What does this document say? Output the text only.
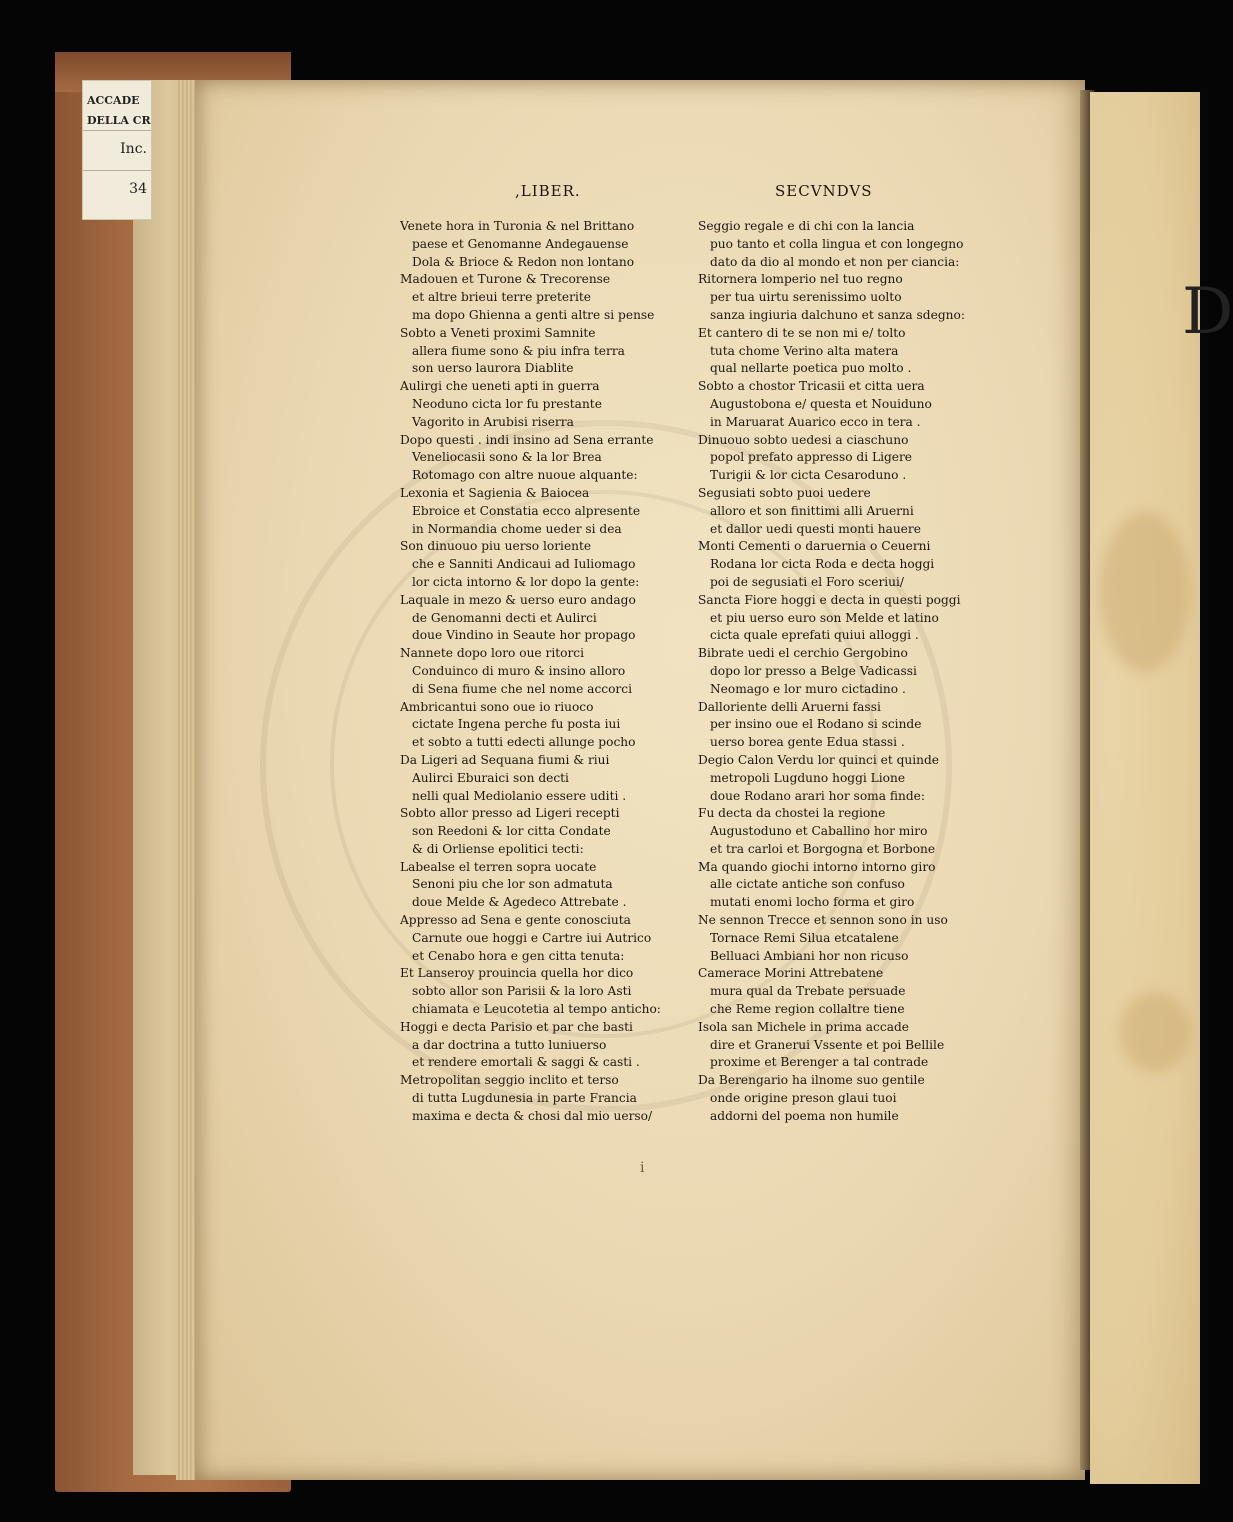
ACCADE
DELLA CR
Inc.
34
D
,LIBER.	SECVNDVS
Venete hora in Turonia & nel Brittano
paese et Genomanne Andegauense
Dola & Brioce & Redon non lontano
Madouen et Turone & Trecorense
et altre brieui terre preterite
ma dopo Ghienna a genti altre si pense
Sobto a Veneti proximi Samnite
allera fiume sono & piu infra terra
son uerso laurora Diablite
Aulirgi che ueneti apti in guerra
Neoduno cicta lor fu prestante
Vagorito in Arubisi riserra
Dopo questi . indi insino ad Sena errante
Veneliocasii sono & la lor Brea
Rotomago con altre nuoue alquante:
Lexonia et Sagienia & Baiocea
Ebroice et Constatia ecco alpresente
in Normandia chome ueder si dea
Son dinuouo piu uerso loriente
che e Sanniti Andicaui ad Iuliomago
lor cicta intorno & lor dopo la gente:
Laquale in mezo & uerso euro andago
de Genomanni decti et Aulirci
doue Vindino in Seaute hor propago
Nannete dopo loro oue ritorci
Conduinco di muro & insino alloro
di Sena fiume che nel nome accorci
Ambricantui sono oue io riuoco
cictate Ingena perche fu posta iui
et sobto a tutti edecti allunge pocho
Da Ligeri ad Sequana fiumi & riui
Aulirci Eburaici son decti
nelli qual Mediolanio essere uditi .
Sobto allor presso ad Ligeri recepti
son Reedoni & lor citta Condate
& di Orliense epolitici tecti:
Labealse el terren sopra uocate
Senoni piu che lor son admatuta
doue Melde & Agedeco Attrebate .
Appresso ad Sena e gente conosciuta
Carnute oue hoggi e Cartre iui Autrico
et Cenabo hora e gen citta tenuta:
Et Lanseroy prouincia quella hor dico
sobto allor son Parisii & la loro Asti
chiamata e Leucotetia al tempo anticho:
Hoggi e decta Parisio et par che basti
a dar doctrina a tutto luniuerso
et rendere emortali & saggi & casti .
Metropolitan seggio inclito et terso
di tutta Lugdunesia in parte Francia
maxima e decta & chosi dal mio uerso/
Seggio regale e di chi con la lancia
puo tanto et colla lingua et con longegno
dato da dio al mondo et non per ciancia:
Ritornera lomperio nel tuo regno
per tua uirtu serenissimo uolto
sanza ingiuria dalchuno et sanza sdegno:
Et cantero di te se non mi e/ tolto
tuta chome Verino alta matera
qual nellarte poetica puo molto .
Sobto a chostor Tricasii et citta uera
Augustobona e/ questa et Nouiduno
in Maruarat Auarico ecco in tera .
Dinuouo sobto uedesi a ciaschuno
popol prefato appresso di Ligere
Turigii & lor cicta Cesaroduno .
Segusiati sobto puoi uedere
alloro et son finittimi alli Aruerni
et dallor uedi questi monti hauere
Monti Cementi o daruernia o Ceuerni
Rodana lor cicta Roda e decta hoggi
poi de segusiati el Foro sceriui/
Sancta Fiore hoggi e decta in questi poggi
et piu uerso euro son Melde et latino
cicta quale eprefati quiui alloggi .
Bibrate uedi el cerchio Gergobino
dopo lor presso a Belge Vadicassi
Neomago e lor muro cictadino .
Dalloriente delli Aruerni fassi
per insino oue el Rodano si scinde
uerso borea gente Edua stassi .
Degio Calon Verdu lor quinci et quinde
metropoli Lugduno hoggi Lione
doue Rodano arari hor soma finde:
Fu decta da chostei la regione
Augustoduno et Caballino hor miro
et tra carloi et Borgogna et Borbone
Ma quando giochi intorno intorno giro
alle cictate antiche son confuso
mutati enomi locho forma et giro
Ne sennon Trecce et sennon sono in uso
Tornace Remi Silua etcatalene
Belluaci Ambiani hor non ricuso
Camerace Morini Attrebatene
mura qual da Trebate persuade
che Reme region collaltre tiene
Isola san Michele in prima accade
dire et Granerui Vssente et poi Bellile
proxime et Berenger a tal contrade
Da Berengario ha ilnome suo gentile
onde origine preson glaui tuoi
addorni del poema non humile
i
